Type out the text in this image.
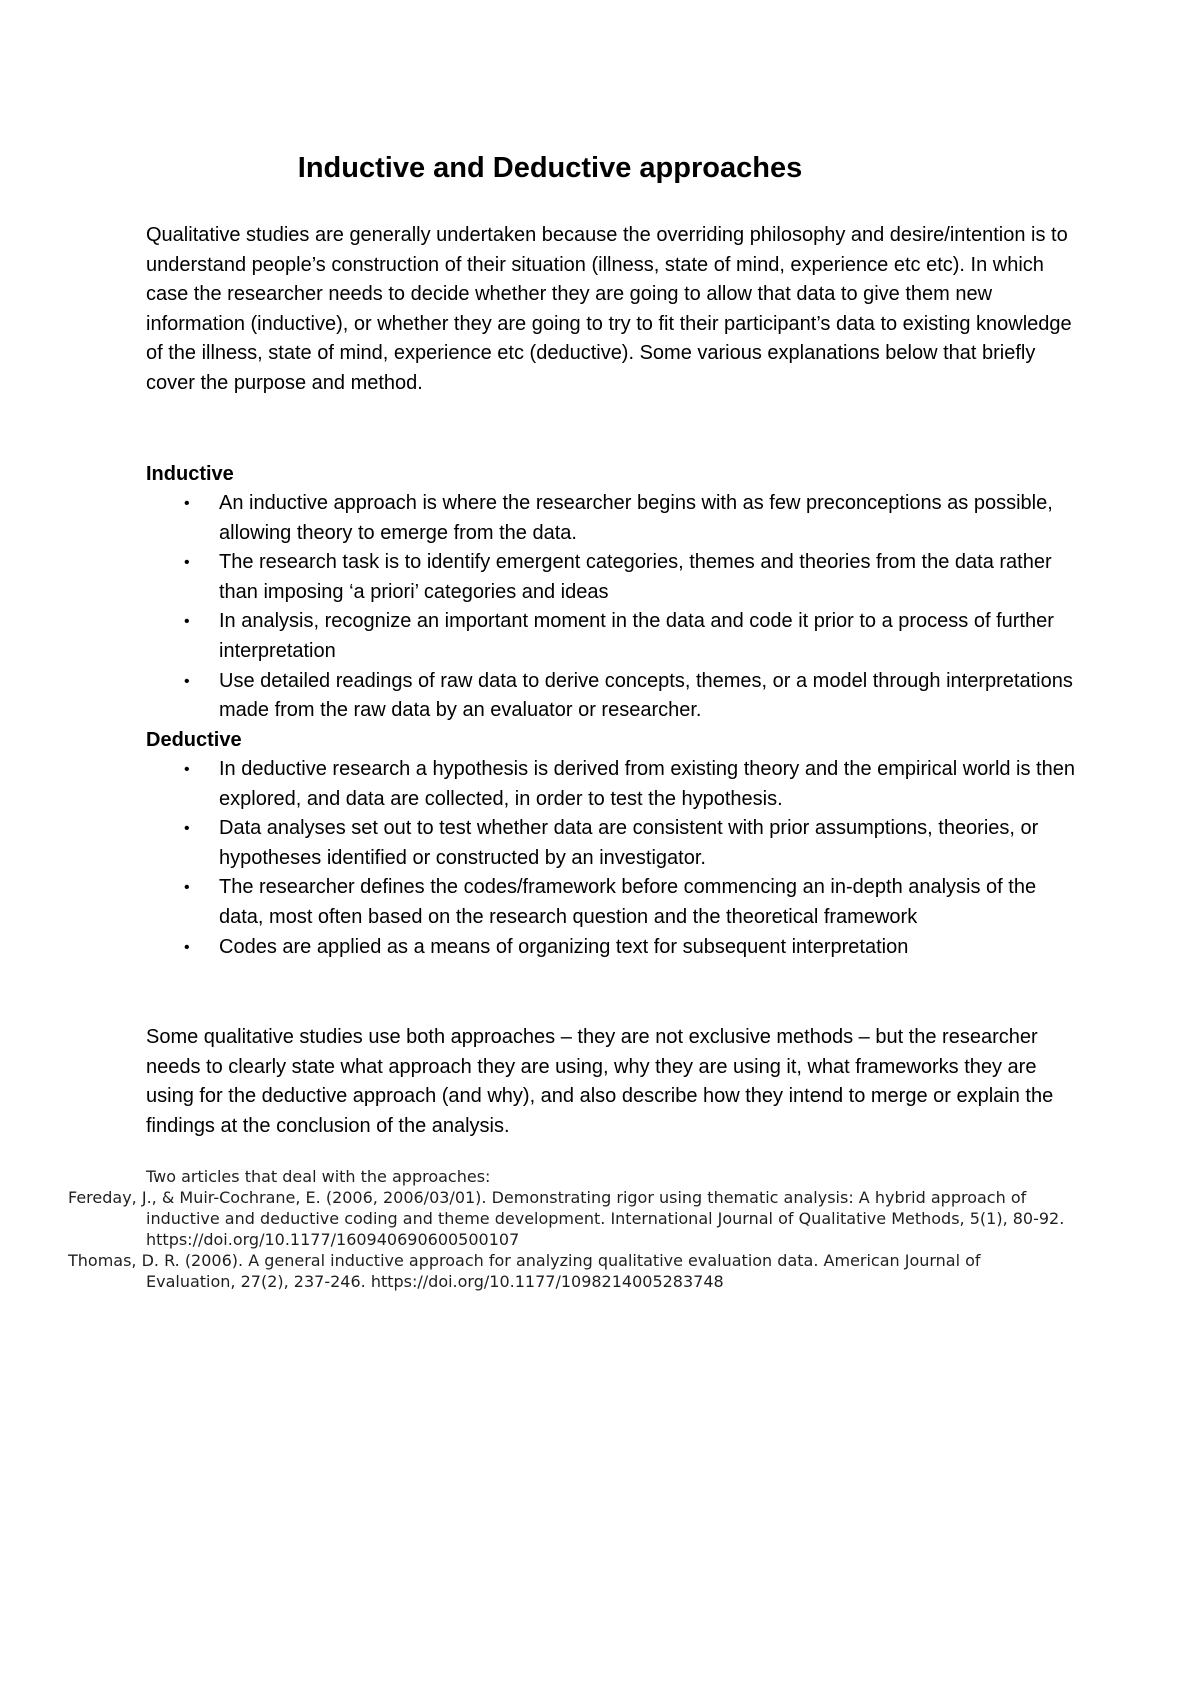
Inductive and Deductive approaches

Qualitative studies are generally undertaken because the overriding philosophy and desire/intention is to understand people’s construction of their situation (illness, state of mind, experience etc etc). In which case the researcher needs to decide whether they are going to allow that data to give them new information (inductive), or whether they are going to try to fit their participant’s data to existing knowledge of the illness, state of mind, experience etc (deductive). Some various explanations below that briefly cover the purpose and method.

Inductive

• An inductive approach is where the researcher begins with as few preconceptions as possible, allowing theory to emerge from the data.
• The research task is to identify emergent categories, themes and theories from the data rather than imposing ‘a priori’ categories and ideas
• In analysis, recognize an important moment in the data and code it prior to a process of further interpretation
• Use detailed readings of raw data to derive concepts, themes, or a model through interpretations made from the raw data by an evaluator or researcher.

Deductive

• In deductive research a hypothesis is derived from existing theory and the empirical world is then explored, and data are collected, in order to test the hypothesis.
• Data analyses set out to test whether data are consistent with prior assumptions, theories, or hypotheses identified or constructed by an investigator.
• The researcher defines the codes/framework before commencing an in-depth analysis of the data, most often based on the research question and the theoretical framework
• Codes are applied as a means of organizing text for subsequent interpretation

Some qualitative studies use both approaches – they are not exclusive methods – but the researcher needs to clearly state what approach they are using, why they are using it, what frameworks they are using for the deductive approach (and why), and also describe how they intend to merge or explain the findings at the conclusion of the analysis.

Two articles that deal with the approaches:

Fereday, J., & Muir-Cochrane, E. (2006, 2006/03/01). Demonstrating rigor using thematic analysis: A hybrid approach of inductive and deductive coding and theme development. International Journal of Qualitative Methods, 5(1), 80-92. https://doi.org/10.1177/160940690600500107

Thomas, D. R. (2006). A general inductive approach for analyzing qualitative evaluation data. American Journal of Evaluation, 27(2), 237-246. https://doi.org/10.1177/1098214005283748
